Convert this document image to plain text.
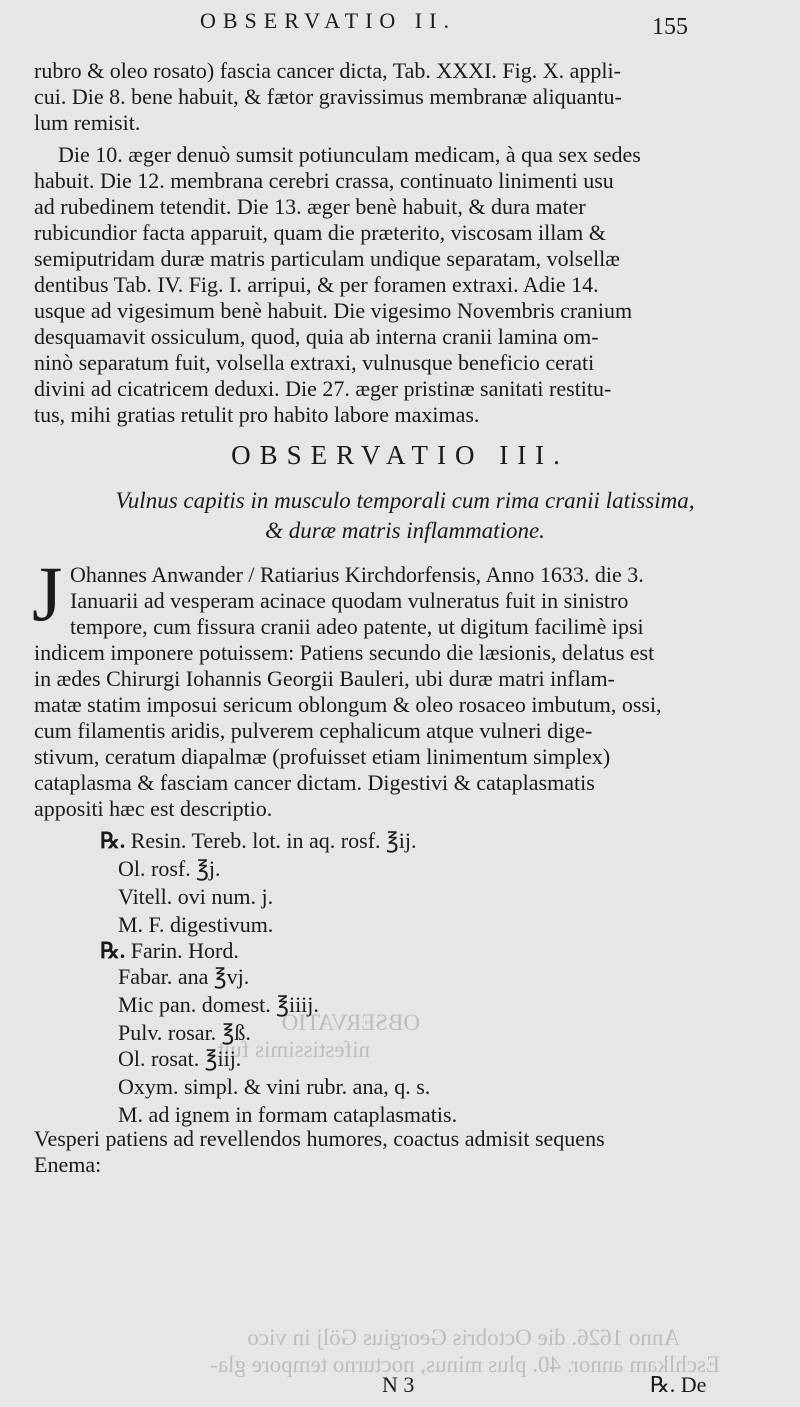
Anno 1626. die Octobris Georgius Gölj in vico
Eschlkam annor. 40. plus minus, nocturno tempore gla-
OBSERVATIO
nifestissimis fuit.
OBSERVATIO II.	155
rubro & oleo rosato) fascia cancer dicta, Tab. XXXI. Fig. X. appli-
cui. Die 8. bene habuit, & fætor gravissimus membranæ aliquantu-
lum remisit.
Die 10. æger denuò sumsit potiunculam medicam, à qua sex sedes
habuit. Die 12. membrana cerebri crassa, continuato linimenti usu
ad rubedinem tetendit. Die 13. æger benè habuit, & dura mater
rubicundior facta apparuit, quam die præterito, viscosam illam &
semiputridam duræ matris particulam undique separatam, volsellæ
dentibus Tab. IV. Fig. I. arripui, & per foramen extraxi. Adie 14.
usque ad vigesimum benè habuit. Die vigesimo Novembris cranium
desquamavit ossiculum, quod, quia ab interna cranii lamina om-
ninò separatum fuit, volsella extraxi, vulnusque beneficio cerati
divini ad cicatricem deduxi. Die 27. æger pristinæ sanitati restitu-
tus, mihi gratias retulit pro habito labore maximas.
OBSERVATIO III.
Vulnus capitis in musculo temporali cum rima cranii latissima,
& duræ matris inflammatione.
J Ohannes Anwander / Ratiarius Kirchdorfensis, Anno 1633. die 3.
Ianuarii ad vesperam acinace quodam vulneratus fuit in sinistro
tempore, cum fissura cranii adeo patente, ut digitum facilimè ipsi
indicem imponere potuissem: Patiens secundo die læsionis, delatus est
in ædes Chirurgi Iohannis Georgii Bauleri, ubi duræ matri inflam-
matæ statim imposui sericum oblongum & oleo rosaceo imbutum, ossi,
cum filamentis aridis, pulverem cephalicum atque vulneri dige-
stivum, ceratum diapalmæ (profuisset etiam linimentum simplex)
cataplasma & fasciam cancer dictam. Digestivi & cataplasmatis
appositi hæc est descriptio.
℞. Resin. Tereb. lot. in aq. rosf. ℥ij.
Ol. rosf. ℥j.
Vitell. ovi num. j.
M. F. digestivum.
℞. Farin. Hord.
Fabar. ana ℥vj.
Mic pan. domest. ℥iiij.
Pulv. rosar. ℥ß.
Ol. rosat. ℥iij.
Oxym. simpl. & vini rubr. ana, q. s.
M. ad ignem in formam cataplasmatis.
Vesperi patiens ad revellendos humores, coactus admisit sequens
Enema:
N 3	℞. De
